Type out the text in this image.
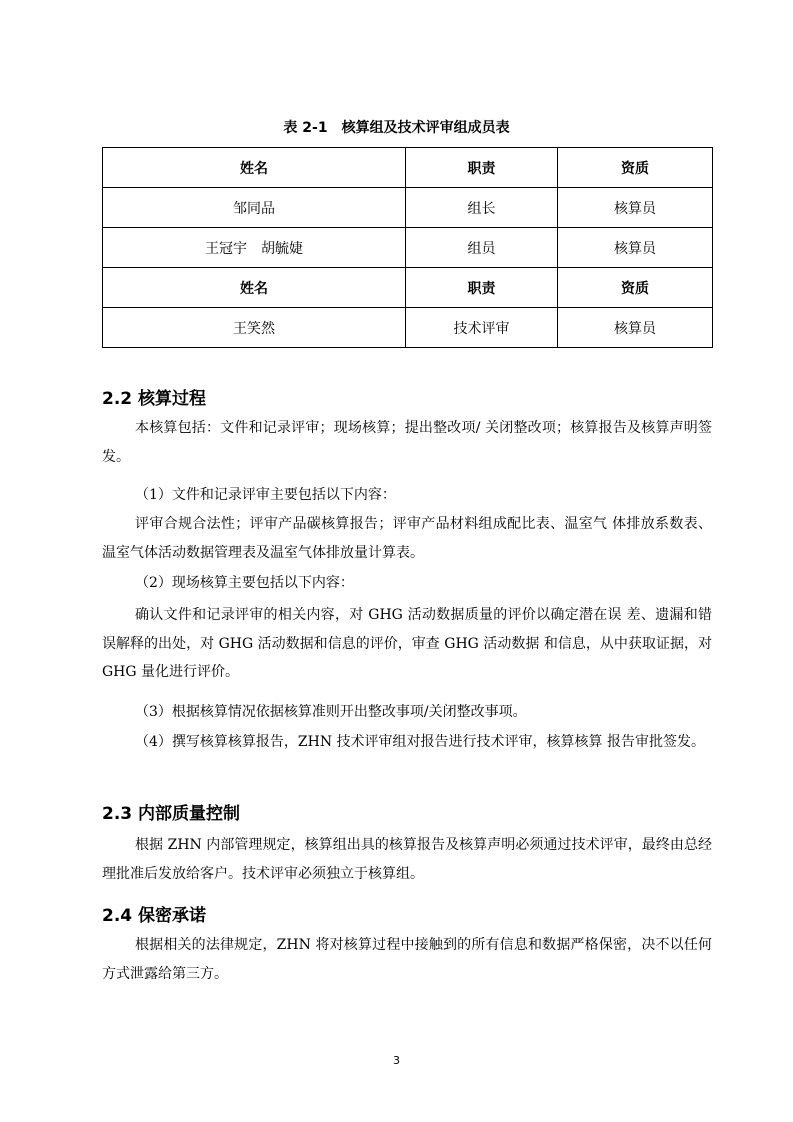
表 2-1　核算组及技术评审组成员表
姓名	职责	资质
邹同品	组长	核算员
王冠宇　胡毓婕	组员	核算员
姓名	职责	资质
王笑然	技术评审	核算员
2.2 核算过程

本核算包括：文件和记录评审；现场核算；提出整改项/ 关闭整改项；核算报告及核算声明签发。

（1）文件和记录评审主要包括以下内容：

评审合规合法性；评审产品碳核算报告；评审产品材料组成配比表、温室气 体排放系数表、温室气体活动数据管理表及温室气体排放量计算表。

（2）现场核算主要包括以下内容：

确认文件和记录评审的相关内容，对 GHG 活动数据质量的评价以确定潜在误 差、遗漏和错误解释的出处，对 GHG 活动数据和信息的评价，审查 GHG 活动数据 和信息，从中获取证据，对 GHG 量化进行评价。

（3）根据核算情况依据核算准则开出整改事项/关闭整改事项。

（4）撰写核算核算报告，ZHN 技术评审组对报告进行技术评审，核算核算 报告审批签发。

2.3 内部质量控制

根据 ZHN 内部管理规定，核算组出具的核算报告及核算声明必须通过技术评审，最终由总经理批准后发放给客户。技术评审必须独立于核算组。

2.4 保密承诺

根据相关的法律规定，ZHN 将对核算过程中接触到的所有信息和数据严格保密，决不以任何方式泄露给第三方。

3
